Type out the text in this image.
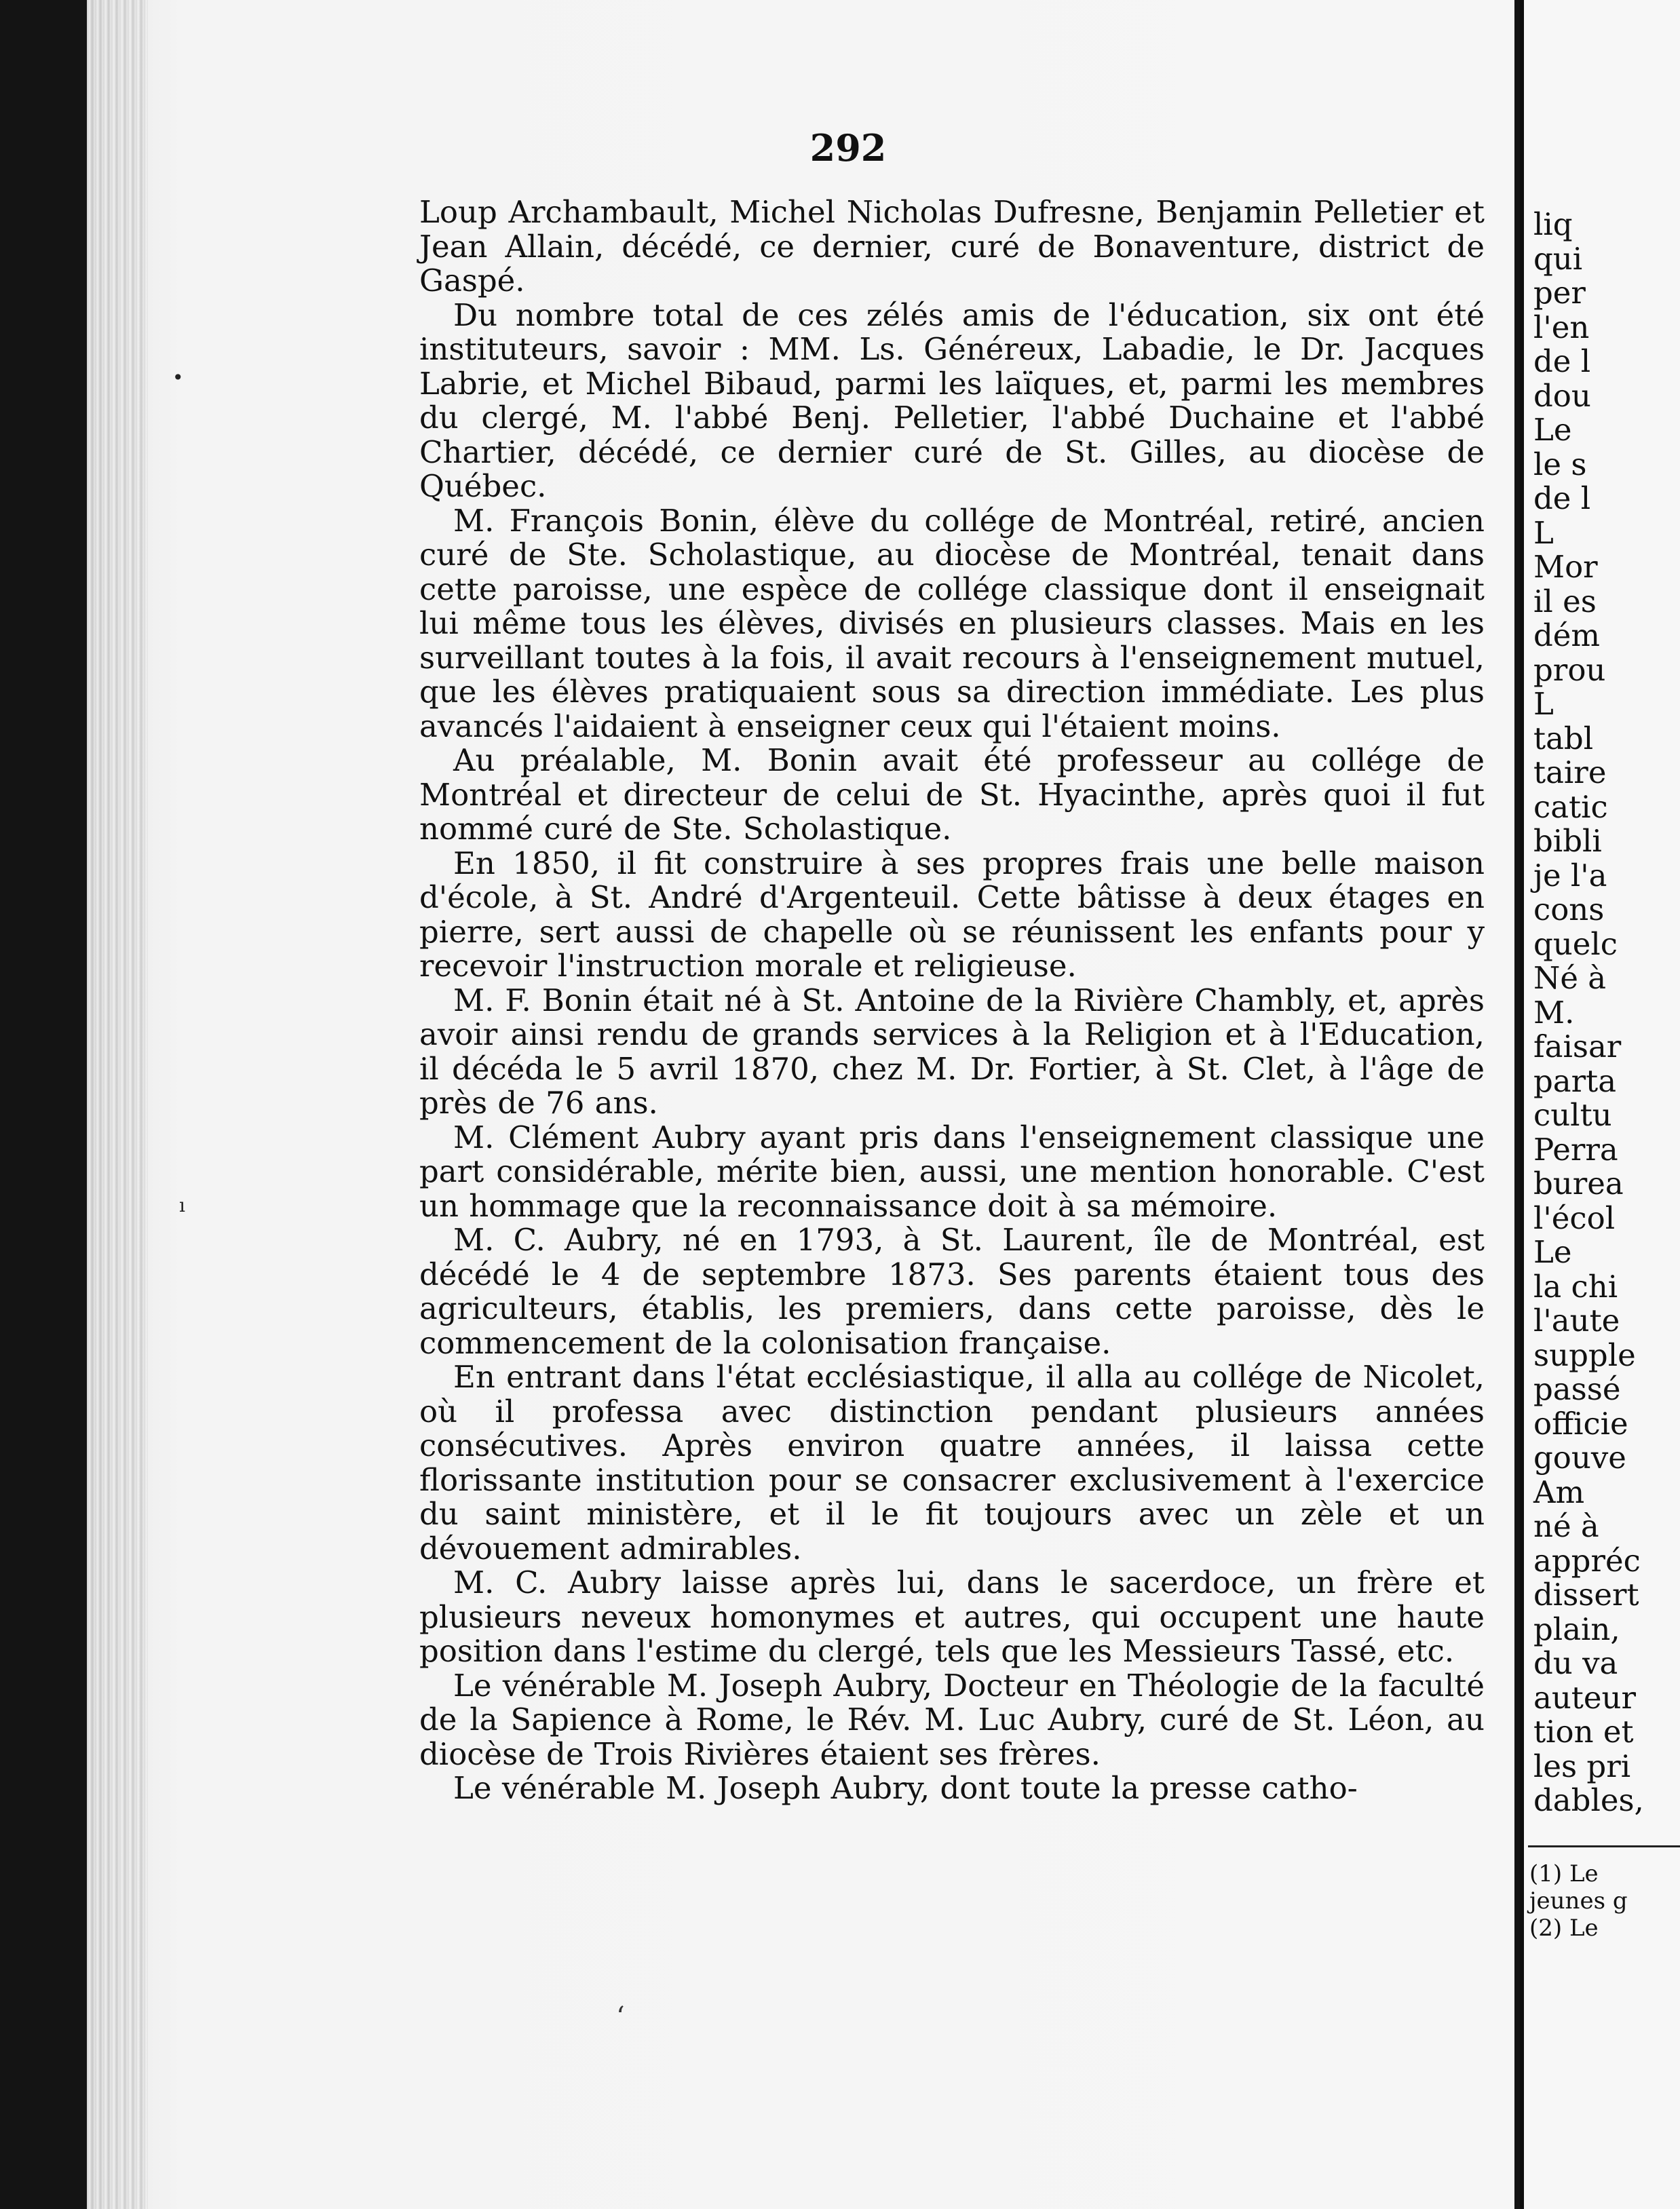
•
ı
292

Loup Archambault, Michel Nicholas Dufresne, Benjamin Pelletier et Jean Allain, décédé, ce dernier, curé de Bonaventure, district de Gaspé.

Du nombre total de ces zélés amis de l'éducation, six ont été instituteurs, savoir : MM. Ls. Généreux, Labadie, le Dr. Jacques Labrie, et Michel Bibaud, parmi les laïques, et, parmi les membres du clergé, M. l'abbé Benj. Pelletier, l'abbé Duchaine et l'abbé Chartier, décédé, ce dernier curé de St. Gilles, au diocèse de Québec.

M. François Bonin, élève du collége de Montréal, retiré, ancien curé de Ste. Scholastique, au diocèse de Montréal, tenait dans cette paroisse, une espèce de collége classique dont il enseignait lui même tous les élèves, divisés en plusieurs classes. Mais en les surveillant toutes à la fois, il avait recours à l'enseignement mutuel, que les élèves pratiquaient sous sa direction immédiate. Les plus avancés l'aidaient à enseigner ceux qui l'étaient moins.

Au préalable, M. Bonin avait été professeur au collége de Montréal et directeur de celui de St. Hyacinthe, après quoi il fut nommé curé de Ste. Scholastique.

En 1850, il fit construire à ses propres frais une belle maison d'école, à St. André d'Argenteuil. Cette bâtisse à deux étages en pierre, sert aussi de chapelle où se réunissent les enfants pour y recevoir l'instruction morale et religieuse.

M. F. Bonin était né à St. Antoine de la Rivière Chambly, et, après avoir ainsi rendu de grands services à la Religion et à l'Education, il décéda le 5 avril 1870, chez M. Dr. Fortier, à St. Clet, à l'âge de près de 76 ans.

M. Clément Aubry ayant pris dans l'enseignement classique une part considérable, mérite bien, aussi, une mention honorable. C'est un hommage que la reconnaissance doit à sa mémoire.

M. C. Aubry, né en 1793, à St. Laurent, île de Montréal, est décédé le 4 de septembre 1873. Ses parents étaient tous des agriculteurs, établis, les premiers, dans cette paroisse, dès le commencement de la colonisation française.

En entrant dans l'état ecclésiastique, il alla au collége de Nicolet, où il professa avec distinction pendant plusieurs années consécutives. Après environ quatre années, il laissa cette florissante institution pour se consacrer exclusivement à l'exercice du saint ministère, et il le fit toujours avec un zèle et un dévouement admirables.

M. C. Aubry laisse après lui, dans le sacerdoce, un frère et plusieurs neveux homonymes et autres, qui occupent une haute position dans l'estime du clergé, tels que les Messieurs Tassé, etc.

Le vénérable M. Joseph Aubry, Docteur en Théologie de la faculté de la Sapience à Rome, le Rév. M. Luc Aubry, curé de St. Léon, au diocèse de Trois Rivières étaient ses frères.

Le vénérable M. Joseph Aubry, dont toute la presse catho-

ʻ
liq
qui
per
l'en
de l
dou
Le
le s
de l
L
Mor
il es
dém
prou
L
tabl
taire
catic
bibli
je l'a
cons
quelc
Né à
M.
faisar
parta
cultu
Perra
burea
l'écol
Le
la chi
l'aute
supple
passé
officie
gouve
Am
né à
appréc
dissert
plain,
du va
auteur
tion et
les pri
dables,
(1) Le
jeunes g
(2) Le
